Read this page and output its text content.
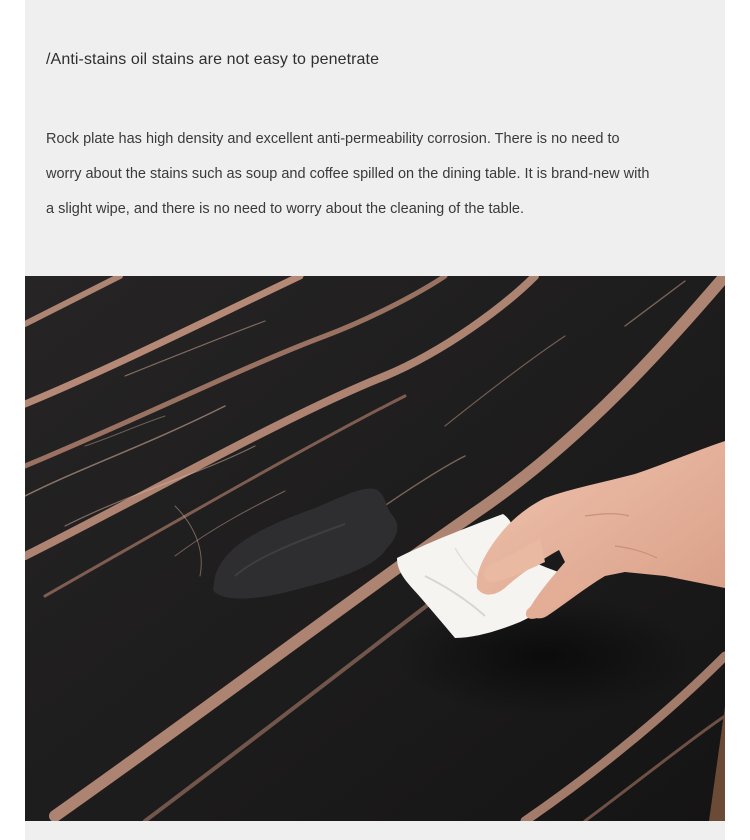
/Anti-stains oil stains are not easy to penetrate
Rock plate has high density and excellent anti-permeability corrosion. There is no need to
worry about the stains such as soup and coffee spilled on the dining table. It is brand-new with
a slight wipe, and there is no need to worry about the cleaning of the table.
